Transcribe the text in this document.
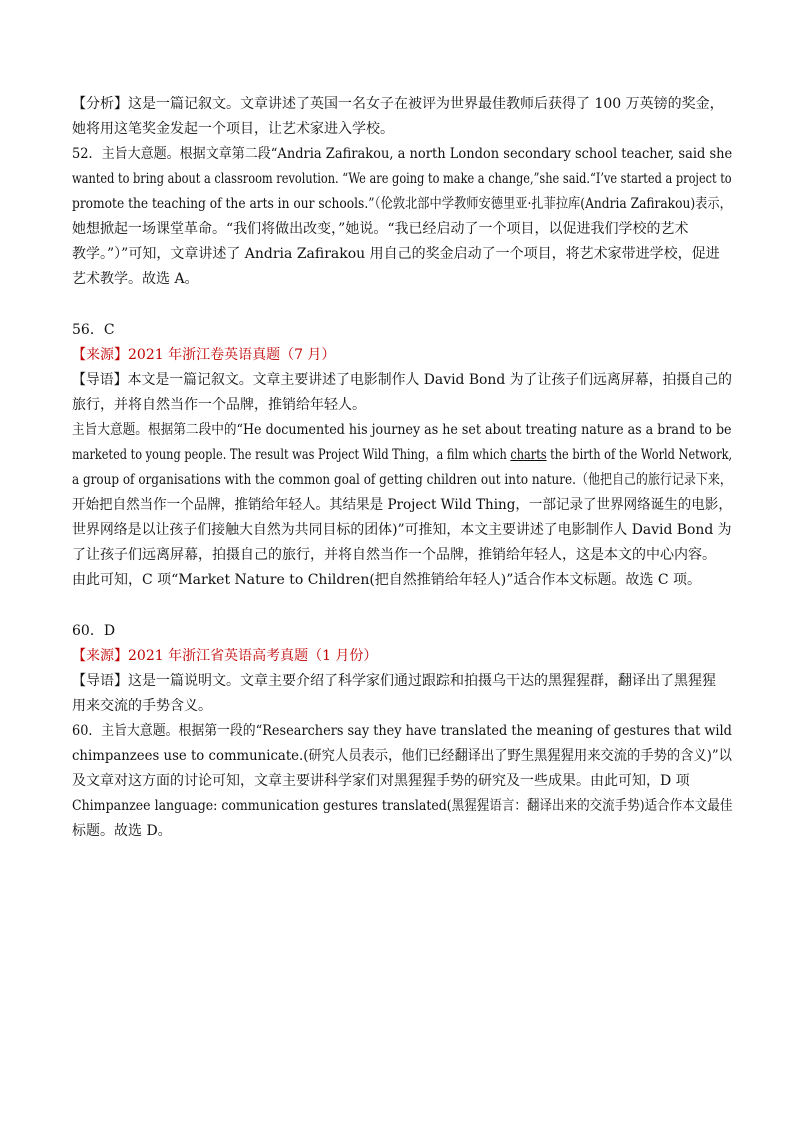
【分析】这是一篇记叙文。文章讲述了英国一名女子在被评为世界最佳教师后获得了 100 万英镑的奖金，
她将用这笔奖金发起一个项目，让艺术家进入学校。
52．主旨大意题。根据文章第二段“Andria Zafirakou, a north London secondary school teacher, said she
wanted to bring about a classroom revolution. “We are going to make a change,”she said.“I’ve started a project to
promote the teaching of the arts in our schools.”（伦敦北部中学教师安德里亚·扎菲拉库(Andria Zafirakou)表示，
她想掀起一场课堂革命。“我们将做出改变，”她说。“我已经启动了一个项目，以促进我们学校的艺术
教学。”）”可知，文章讲述了 Andria Zafirakou 用自己的奖金启动了一个项目，将艺术家带进学校，促进
艺术教学。故选 A。
56．C
【来源】2021 年浙江卷英语真题（7 月）
【导语】本文是一篇记叙文。文章主要讲述了电影制作人 David Bond 为了让孩子们远离屏幕，拍摄自己的
旅行，并将自然当作一个品牌，推销给年轻人。
主旨大意题。根据第二段中的“He documented his journey as he set about treating nature as a brand to be
marketed to young people. The result was Project Wild Thing，a film which charts the birth of the World Network,
a group of organisations with the common goal of getting children out into nature.（他把自己的旅行记录下来，
开始把自然当作一个品牌，推销给年轻人。其结果是 Project Wild Thing，一部记录了世界网络诞生的电影，
世界网络是以让孩子们接触大自然为共同目标的团体)”可推知，本文主要讲述了电影制作人 David Bond 为
了让孩子们远离屏幕，拍摄自己的旅行，并将自然当作一个品牌，推销给年轻人，这是本文的中心内容。
由此可知，C 项“Market Nature to Children(把自然推销给年轻人)”适合作本文标题。故选 C 项。
60．D
【来源】2021 年浙江省英语高考真题（1 月份）
【导语】这是一篇说明文。文章主要介绍了科学家们通过跟踪和拍摄乌干达的黑猩猩群，翻译出了黑猩猩
用来交流的手势含义。
60．主旨大意题。根据第一段的“Researchers say they have translated the meaning of gestures that wild
chimpanzees use to communicate.(研究人员表示，他们已经翻译出了野生黑猩猩用来交流的手势的含义)”以
及文章对这方面的讨论可知，文章主要讲科学家们对黑猩猩手势的研究及一些成果。由此可知，D 项
Chimpanzee language: communication gestures translated(黑猩猩语言：翻译出来的交流手势)适合作本文最佳
标题。故选 D。
